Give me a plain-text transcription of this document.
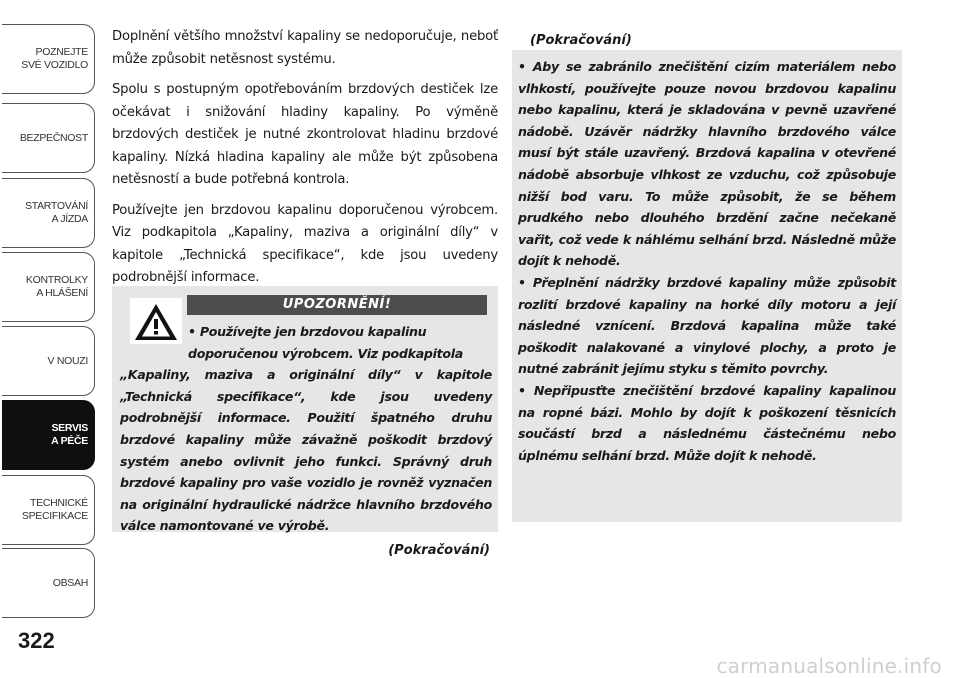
POZNEJTE
SVÉ VOZIDLO
BEZPEČNOST
STARTOVÁNÍ
A JÍZDA
KONTROLKY
A HLÁŠENÍ
V NOUZI
SERVIS
A PÉČE
TECHNICKÉ
SPECIFIKACE
OBSAH
322

Doplnění většího množství kapaliny se nedoporučuje, neboť může způsobit netěsnost systému.

Spolu s postupným opotřebováním brzdových destiček lze očekávat i snižování hladiny kapaliny. Po výměně brzdových destiček je nutné zkontrolovat hladinu brzdové kapaliny. Nízká hladina kapaliny ale může být způsobena netěsností a bude potřebná kontrola.

Používejte jen brzdovou kapalinu doporučenou výrobcem. Viz podkapitola „Kapaliny, maziva a originální díly“ v kapitole „Technická specifikace“, kde jsou uvedeny podrobnější informace.

UPOZORNĚNÍ!
• Používejte jen brzdovou kapalinu
doporučenou výrobcem. Viz podkapitola
„Kapaliny, maziva a originální díly“ v kapitole „Technická specifikace“, kde jsou uvedeny podrobnější informace. Použití špatného druhu brzdové kapaliny může závažně poškodit brzdový systém anebo ovlivnit jeho funkci. Správný druh brzdové kapaliny pro vaše vozidlo je rovněž vyznačen na originální hydraulické nádržce hlavního brzdového válce namontované ve výrobě.
(Pokračování)
(Pokračování)

• Aby se zabránilo znečištění cizím materiálem nebo vlhkostí, používejte pouze novou brzdovou kapalinu nebo kapalinu, která je skladována v pevně uzavřené nádobě. Uzávěr nádržky hlavního brzdového válce musí být stále uzavřený. Brzdová kapalina v otevřené nádobě absorbuje vlhkost ze vzduchu, což způsobuje nižší bod varu. To může způsobit, že se během prudkého nebo dlouhého brzdění začne nečekaně vařit, což vede k náhlému selhání brzd. Následně může dojít k nehodě.

• Přeplnění nádržky brzdové kapaliny může způsobit rozlití brzdové kapaliny na horké díly motoru a její následné vznícení. Brzdová kapalina může také poškodit nalakované a vinylové plochy, a proto je nutné zabránit jejímu styku s těmito povrchy.

• Nepřipusťte znečištění brzdové kapaliny kapalinou na ropné bázi. Mohlo by dojít k poškození těsnicích součástí brzd a následnému částečnému nebo úplnému selhání brzd. Může dojít k nehodě.

carmanualsonline.info
